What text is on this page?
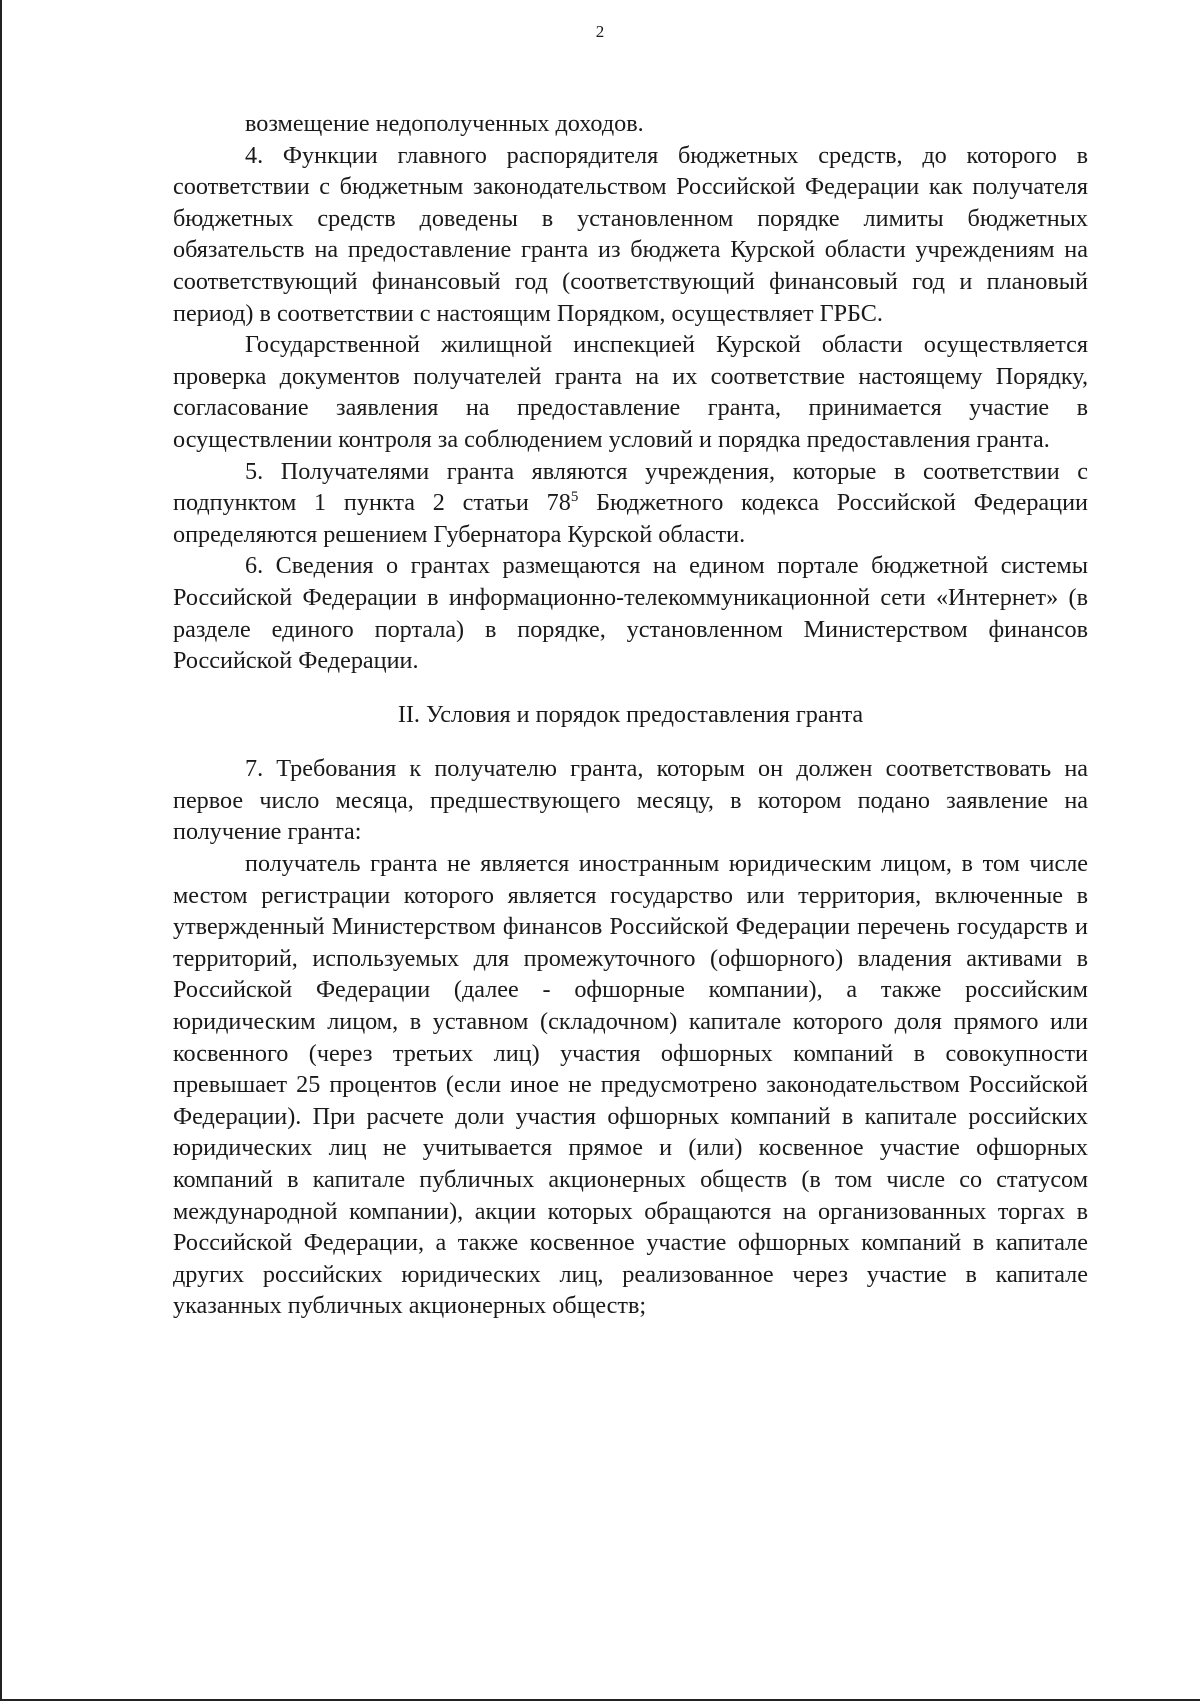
2

возмещение недополученных доходов.

4. Функции главного распорядителя бюджетных средств, до которого в соответствии с бюджетным законодательством Российской Федерации как получателя бюджетных средств доведены в установленном порядке лимиты бюджетных обязательств на предоставление гранта из бюджета Курской области учреждениям на соответствующий финансовый год (соответствующий финансовый год и плановый период) в соответствии с настоящим Порядком, осуществляет ГРБС.

Государственной жилищной инспекцией Курской области осуществляется проверка документов получателей гранта на их соответствие настоящему Порядку, согласование заявления на предоставление гранта, принимается участие в осуществлении контроля за соблюдением условий и порядка предоставления гранта.

5. Получателями гранта являются учреждения, которые в соответствии с подпунктом 1 пункта 2 статьи $78^5$ Бюджетного кодекса Российской Федерации определяются решением Губернатора Курской области.

6. Сведения о грантах размещаются на едином портале бюджетной системы Российской Федерации в информационно-телекоммуникационной сети «Интернет» (в разделе единого портала) в порядке, установленном Министерством финансов Российской Федерации.

II. Условия и порядок предоставления гранта

7. Требования к получателю гранта, которым он должен соответствовать на первое число месяца, предшествующего месяцу, в котором подано заявление на получение гранта:

получатель гранта не является иностранным юридическим лицом, в том числе местом регистрации которого является государство или территория, включенные в утвержденный Министерством финансов Российской Федерации перечень государств и территорий, используемых для промежуточного (офшорного) владения активами в Российской Федерации (далее - офшорные компании), а также российским юридическим лицом, в уставном (складочном) капитале которого доля прямого или косвенного (через третьих лиц) участия офшорных компаний в совокупности превышает 25 процентов (если иное не предусмотрено законодательством Российской Федерации). При расчете доли участия офшорных компаний в капитале российских юридических лиц не учитывается прямое и (или) косвенное участие офшорных компаний в капитале публичных акционерных обществ (в том числе со статусом международной компании), акции которых обращаются на организованных торгах в Российской Федерации, а также косвенное участие офшорных компаний в капитале других российских юридических лиц, реализованное через участие в капитале указанных публичных акционерных обществ;
